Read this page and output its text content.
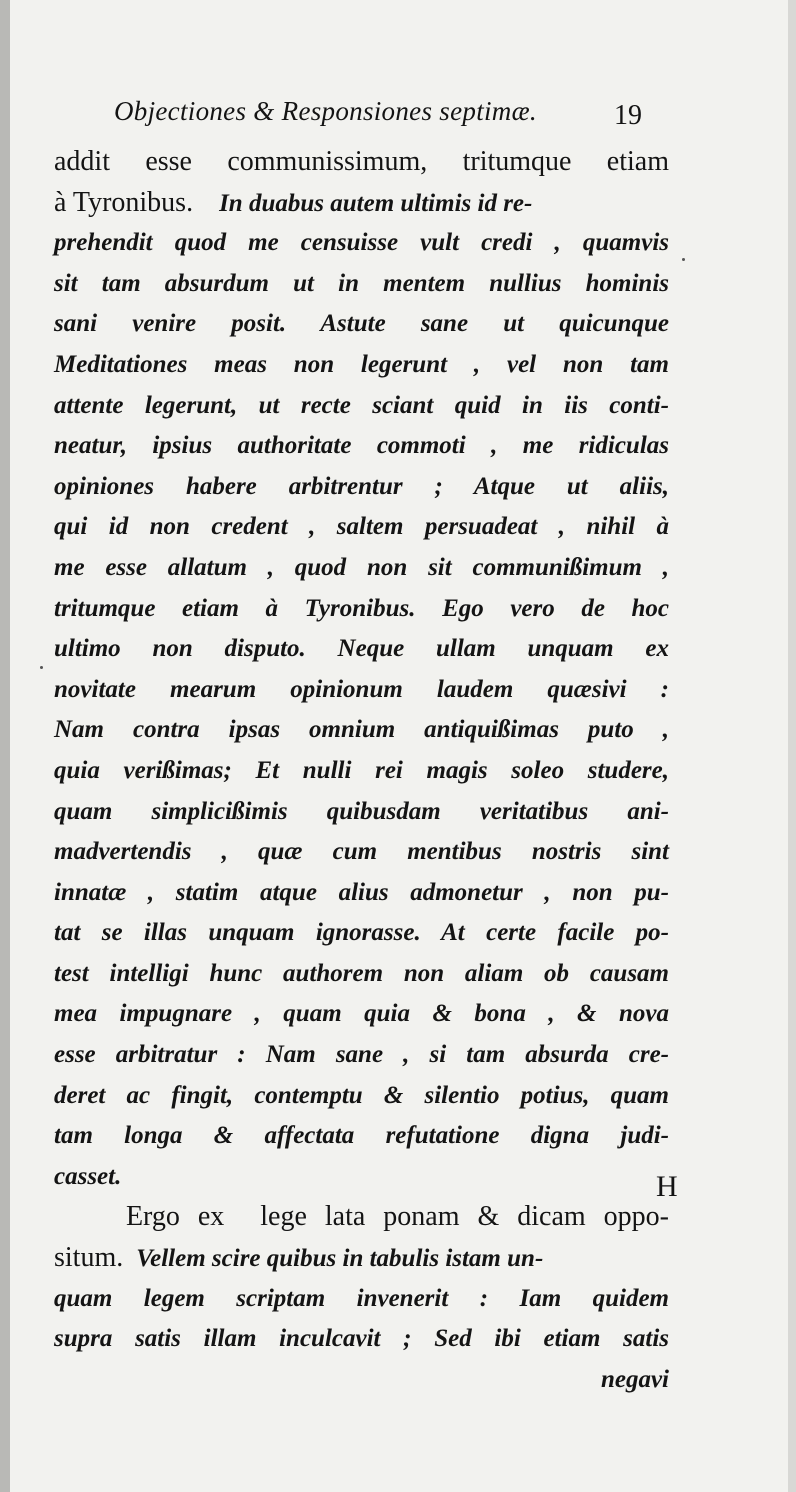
Objectiones & Responsiones septimæ.	19
addit esse communissimum, tritumque etiam
à Tyronibus. In duabus autem ultimis id re-
prehendit quod me censuisse vult credi , quamvis
sit tam absurdum ut in mentem nullius hominis
sani venire posit. Astute sane ut quicunque
Meditationes meas non legerunt , vel non tam
attente legerunt, ut recte sciant quid in iis conti-
neatur, ipsius authoritate commoti , me ridiculas
opiniones habere arbitrentur ; Atque ut aliis,
qui id non credent , saltem persuadeat , nihil à
me esse allatum , quod non sit communißimum ,
tritumque etiam à Tyronibus. Ego vero de hoc
ultimo non disputo. Neque ullam unquam ex
novitate mearum opinionum laudem quæsivi :
Nam contra ipsas omnium antiquißimas puto ,
quia verißimas; Et nulli rei magis soleo studere,
quam simplicißimis quibusdam veritatibus ani-
madvertendis , quæ cum mentibus nostris sint
innatæ , statim atque alius admonetur , non pu-
tat se illas unquam ignorasse. At certe facile po-
test intelligi hunc authorem non aliam ob causam
mea impugnare , quam quia & bona , & nova
esse arbitratur : Nam sane , si tam absurda cre-
deret ac fingit, contemptu & silentio potius, quam
tam longa & affectata refutatione digna judi-
casset.
Ergo ex  lege lata ponam & dicam oppo-
situm. Vellem scire quibus in tabulis istam un-
quam legem scriptam invenerit : Iam quidem
supra satis illam inculcavit ; Sed ibi etiam satis
negavi
H
